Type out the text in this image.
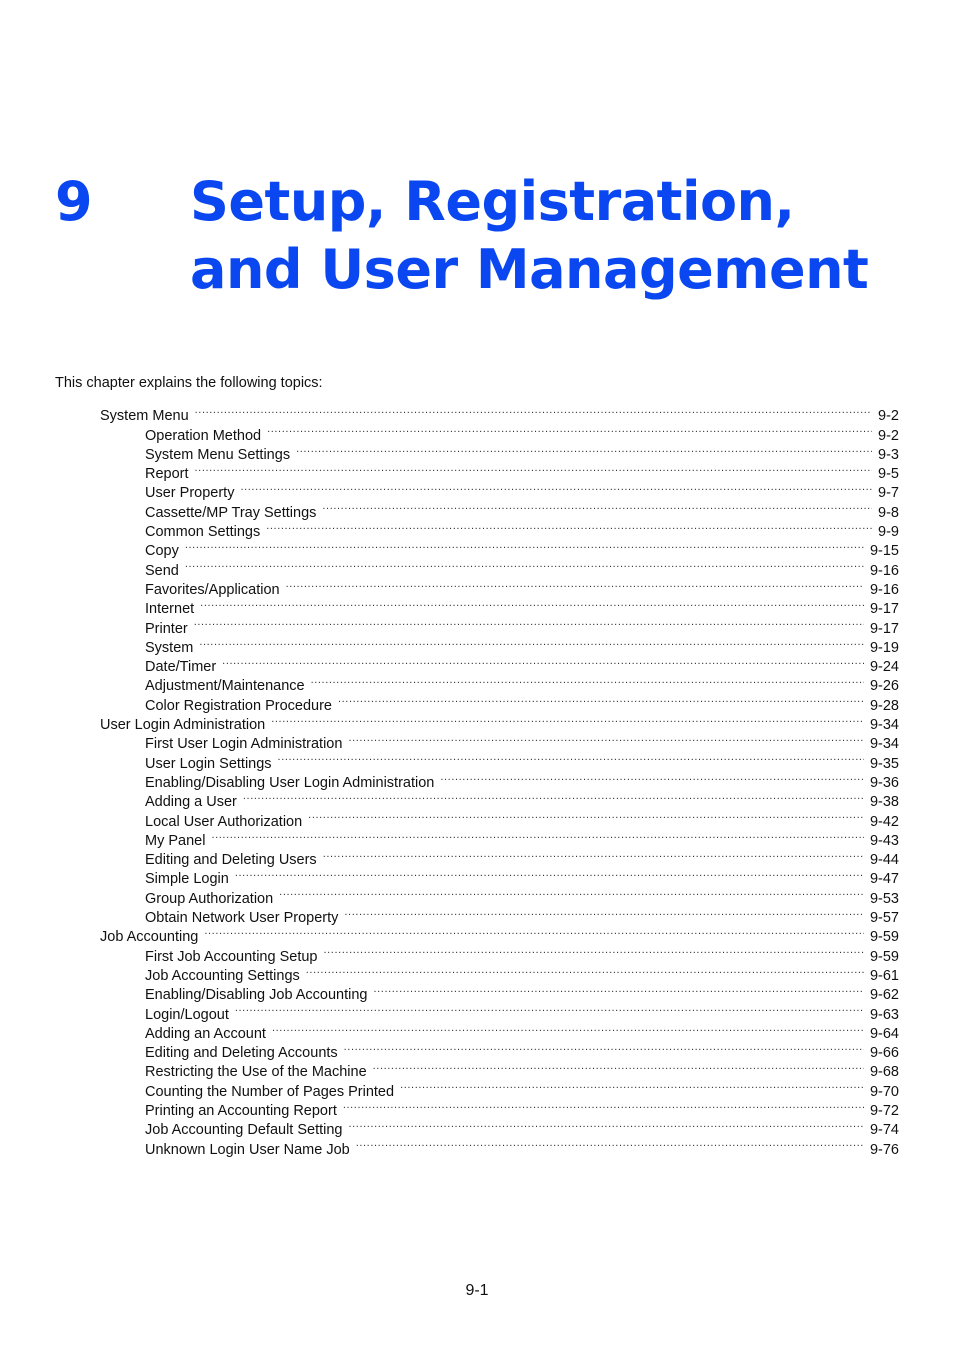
9 Setup, Registration,
and User Management

This chapter explains the following topics:

System Menu .....	9-2
Operation Method .....	9-2
System Menu Settings .....	9-3
Report .....	9-5
User Property .....	9-7
Cassette/MP Tray Settings .....	9-8
Common Settings .....	9-9
Copy .....	9-15
Send .....	9-16
Favorites/Application .....	9-16
Internet .....	9-17
Printer .....	9-17
System .....	9-19
Date/Timer .....	9-24
Adjustment/Maintenance .....	9-26
Color Registration Procedure .....	9-28
User Login Administration .....	9-34
First User Login Administration .....	9-34
User Login Settings .....	9-35
Enabling/Disabling User Login Administration .....	9-36
Adding a User .....	9-38
Local User Authorization .....	9-42
My Panel .....	9-43
Editing and Deleting Users .....	9-44
Simple Login .....	9-47
Group Authorization .....	9-53
Obtain Network User Property .....	9-57
Job Accounting .....	9-59
First Job Accounting Setup .....	9-59
Job Accounting Settings .....	9-61
Enabling/Disabling Job Accounting .....	9-62
Login/Logout .....	9-63
Adding an Account .....	9-64
Editing and Deleting Accounts .....	9-66
Restricting the Use of the Machine .....	9-68
Counting the Number of Pages Printed .....	9-70
Printing an Accounting Report .....	9-72
Job Accounting Default Setting .....	9-74
Unknown Login User Name Job .....	9-76

9-1
